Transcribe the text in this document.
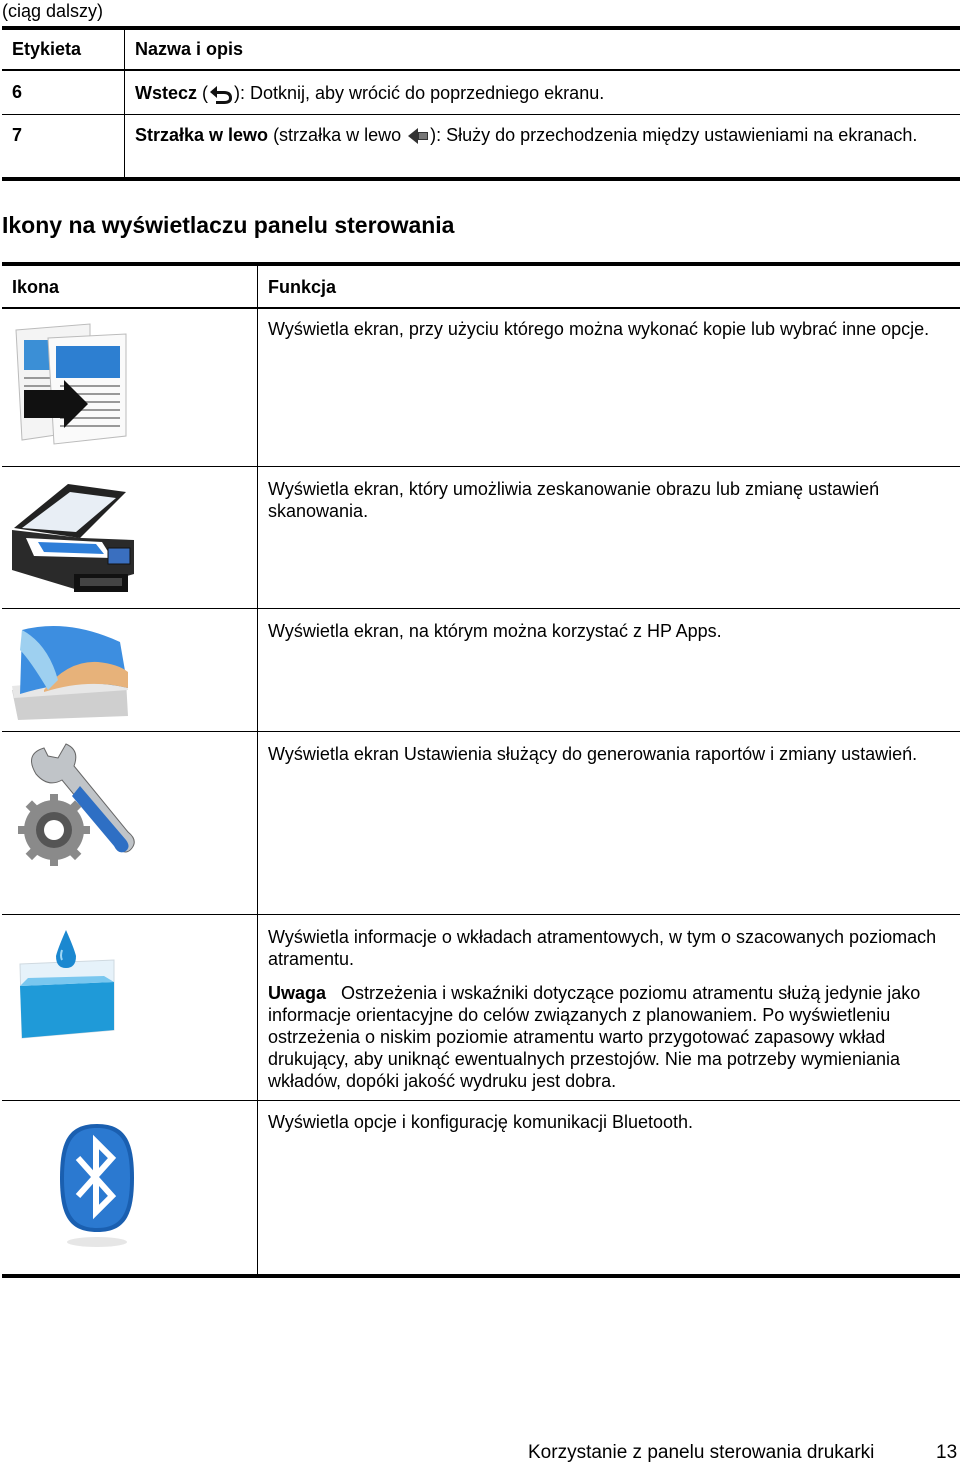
(ciąg dalszy)
Etykieta	Nazwa i opis
6	Wstecz ( ): Dotknij, aby wrócić do poprzedniego ekranu.
7	Strzałka w lewo (strzałka w lewo ): Służy do przechodzenia między ustawieniami na ekranach.
Ikony na wyświetlaczu panelu sterowania
Ikona	Funkcja
Wyświetla ekran, przy użyciu którego można wykonać kopie lub wybrać inne opcje.
Wyświetla ekran, który umożliwia zeskanowanie obrazu lub zmianę ustawień skanowania.
Wyświetla ekran, na którym można korzystać z HP Apps.
Wyświetla ekran Ustawienia służący do generowania raportów i zmiany ustawień.
Wyświetla informacje o wkładach atramentowych, w tym o szacowanych poziomach atramentu.
Uwaga Ostrzeżenia i wskaźniki dotyczące poziomu atramentu służą jedynie jako informacje orientacyjne do celów związanych z planowaniem. Po wyświetleniu ostrzeżenia o niskim poziomie atramentu warto przygotować zapasowy wkład drukujący, aby uniknąć ewentualnych przestojów. Nie ma potrzeby wymieniania wkładów, dopóki jakość wydruku jest dobra.
Wyświetla opcje i konfigurację komunikacji Bluetooth.
Korzystanie z panelu sterowania drukarki	13
